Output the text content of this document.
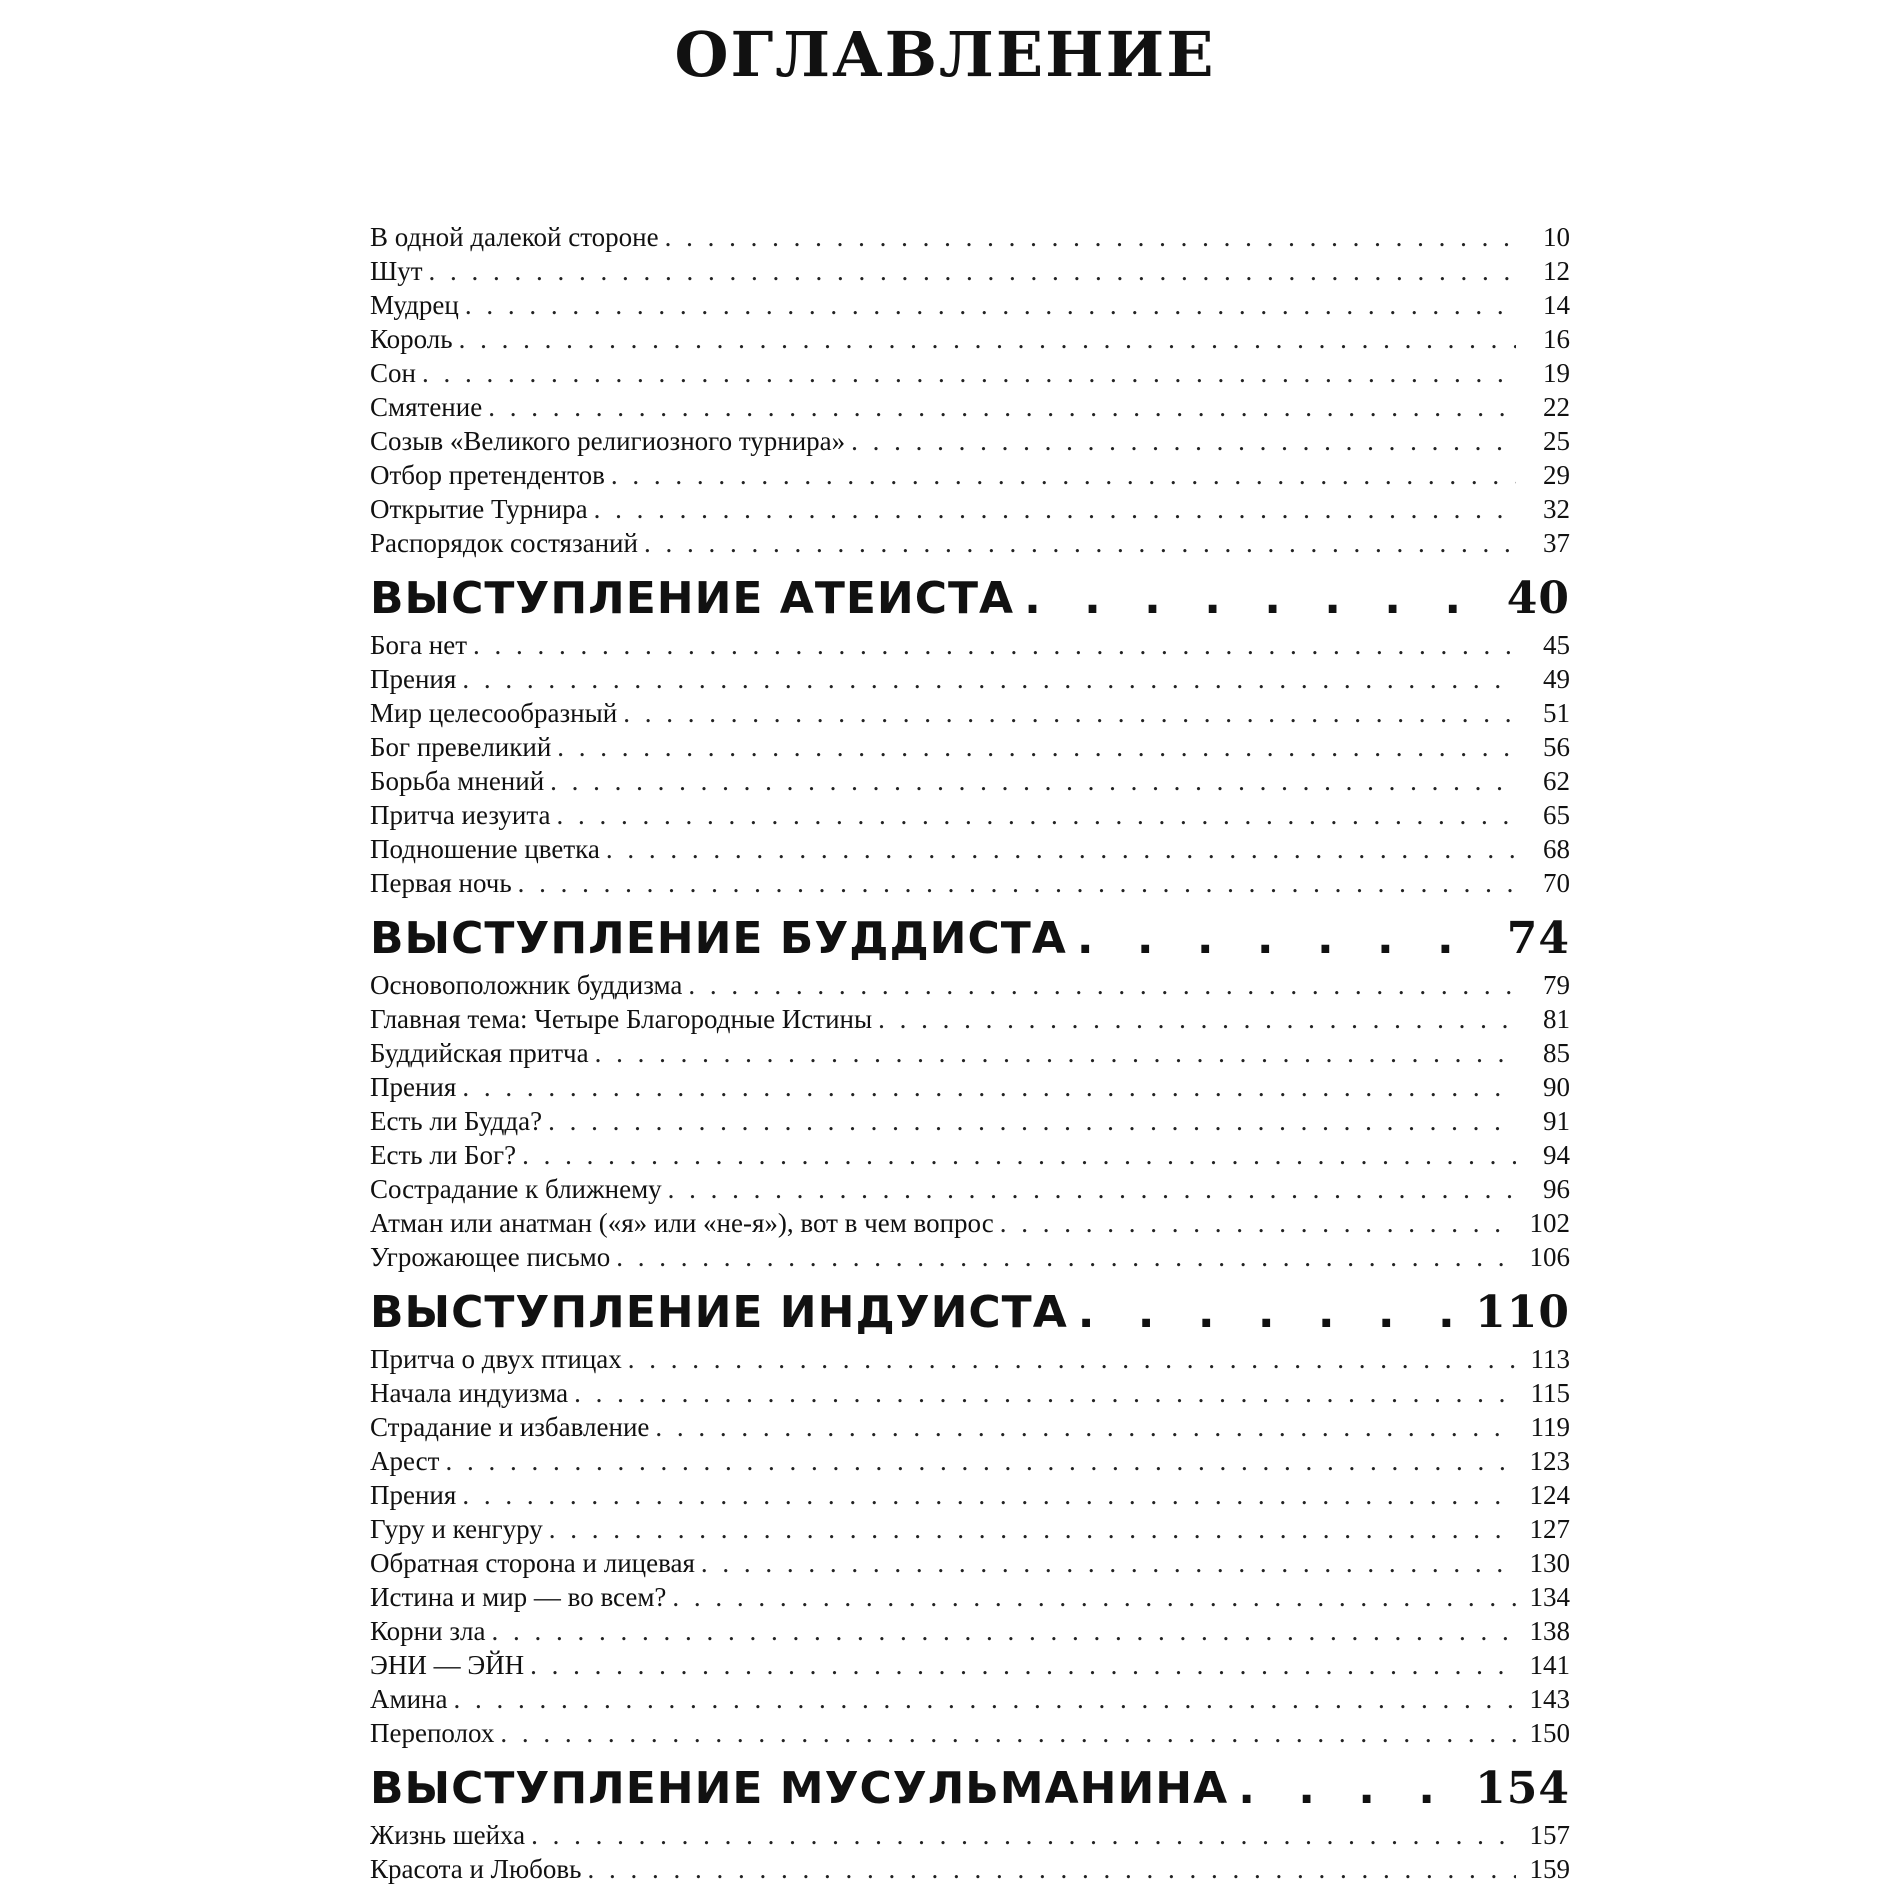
ОГЛАВЛЕНИЕ
В одной далекой стороне . . .	10
Шут . . .	12
Мудрец . . .	14
Король . . .	16
Сон . . .	19
Смятение . . .	22
Созыв «Великого религиозного турнира» . . .	25
Отбор претендентов . . .	29
Открытие Турнира . . .	32
Распорядок состязаний . . .	37
ВЫСТУПЛЕНИЕ АТЕИСТА . . .	40
Бога нет . . .	45
Прения . . .	49
Мир целесообразный . . .	51
Бог превеликий . . .	56
Борьба мнений . . .	62
Притча иезуита . . .	65
Подношение цветка . . .	68
Первая ночь . . .	70
ВЫСТУПЛЕНИЕ БУДДИСТА . . .	74
Основоположник буддизма . . .	79
Главная тема: Четыре Благородные Истины . . .	81
Буддийская притча . . .	85
Прения . . .	90
Есть ли Будда? . . .	91
Есть ли Бог? . . .	94
Сострадание к ближнему . . .	96
Атман или анатман («я» или «не-я»), вот в чем вопрос . . .	102
Угрожающее письмо . . .	106
ВЫСТУПЛЕНИЕ ИНДУИСТА . . .	110
Притча о двух птицах . . .	113
Начала индуизма . . .	115
Страдание и избавление . . .	119
Арест . . .	123
Прения . . .	124
Гуру и кенгуру . . .	127
Обратная сторона и лицевая . . .	130
Истина и мир — во всем? . . .	134
Корни зла . . .	138
ЭНИ — ЭЙН . . .	141
Амина . . .	143
Переполох . . .	150
ВЫСТУПЛЕНИЕ МУСУЛЬМАНИНА . . .	154
Жизнь шейха . . .	157
Красота и Любовь . . .	159
